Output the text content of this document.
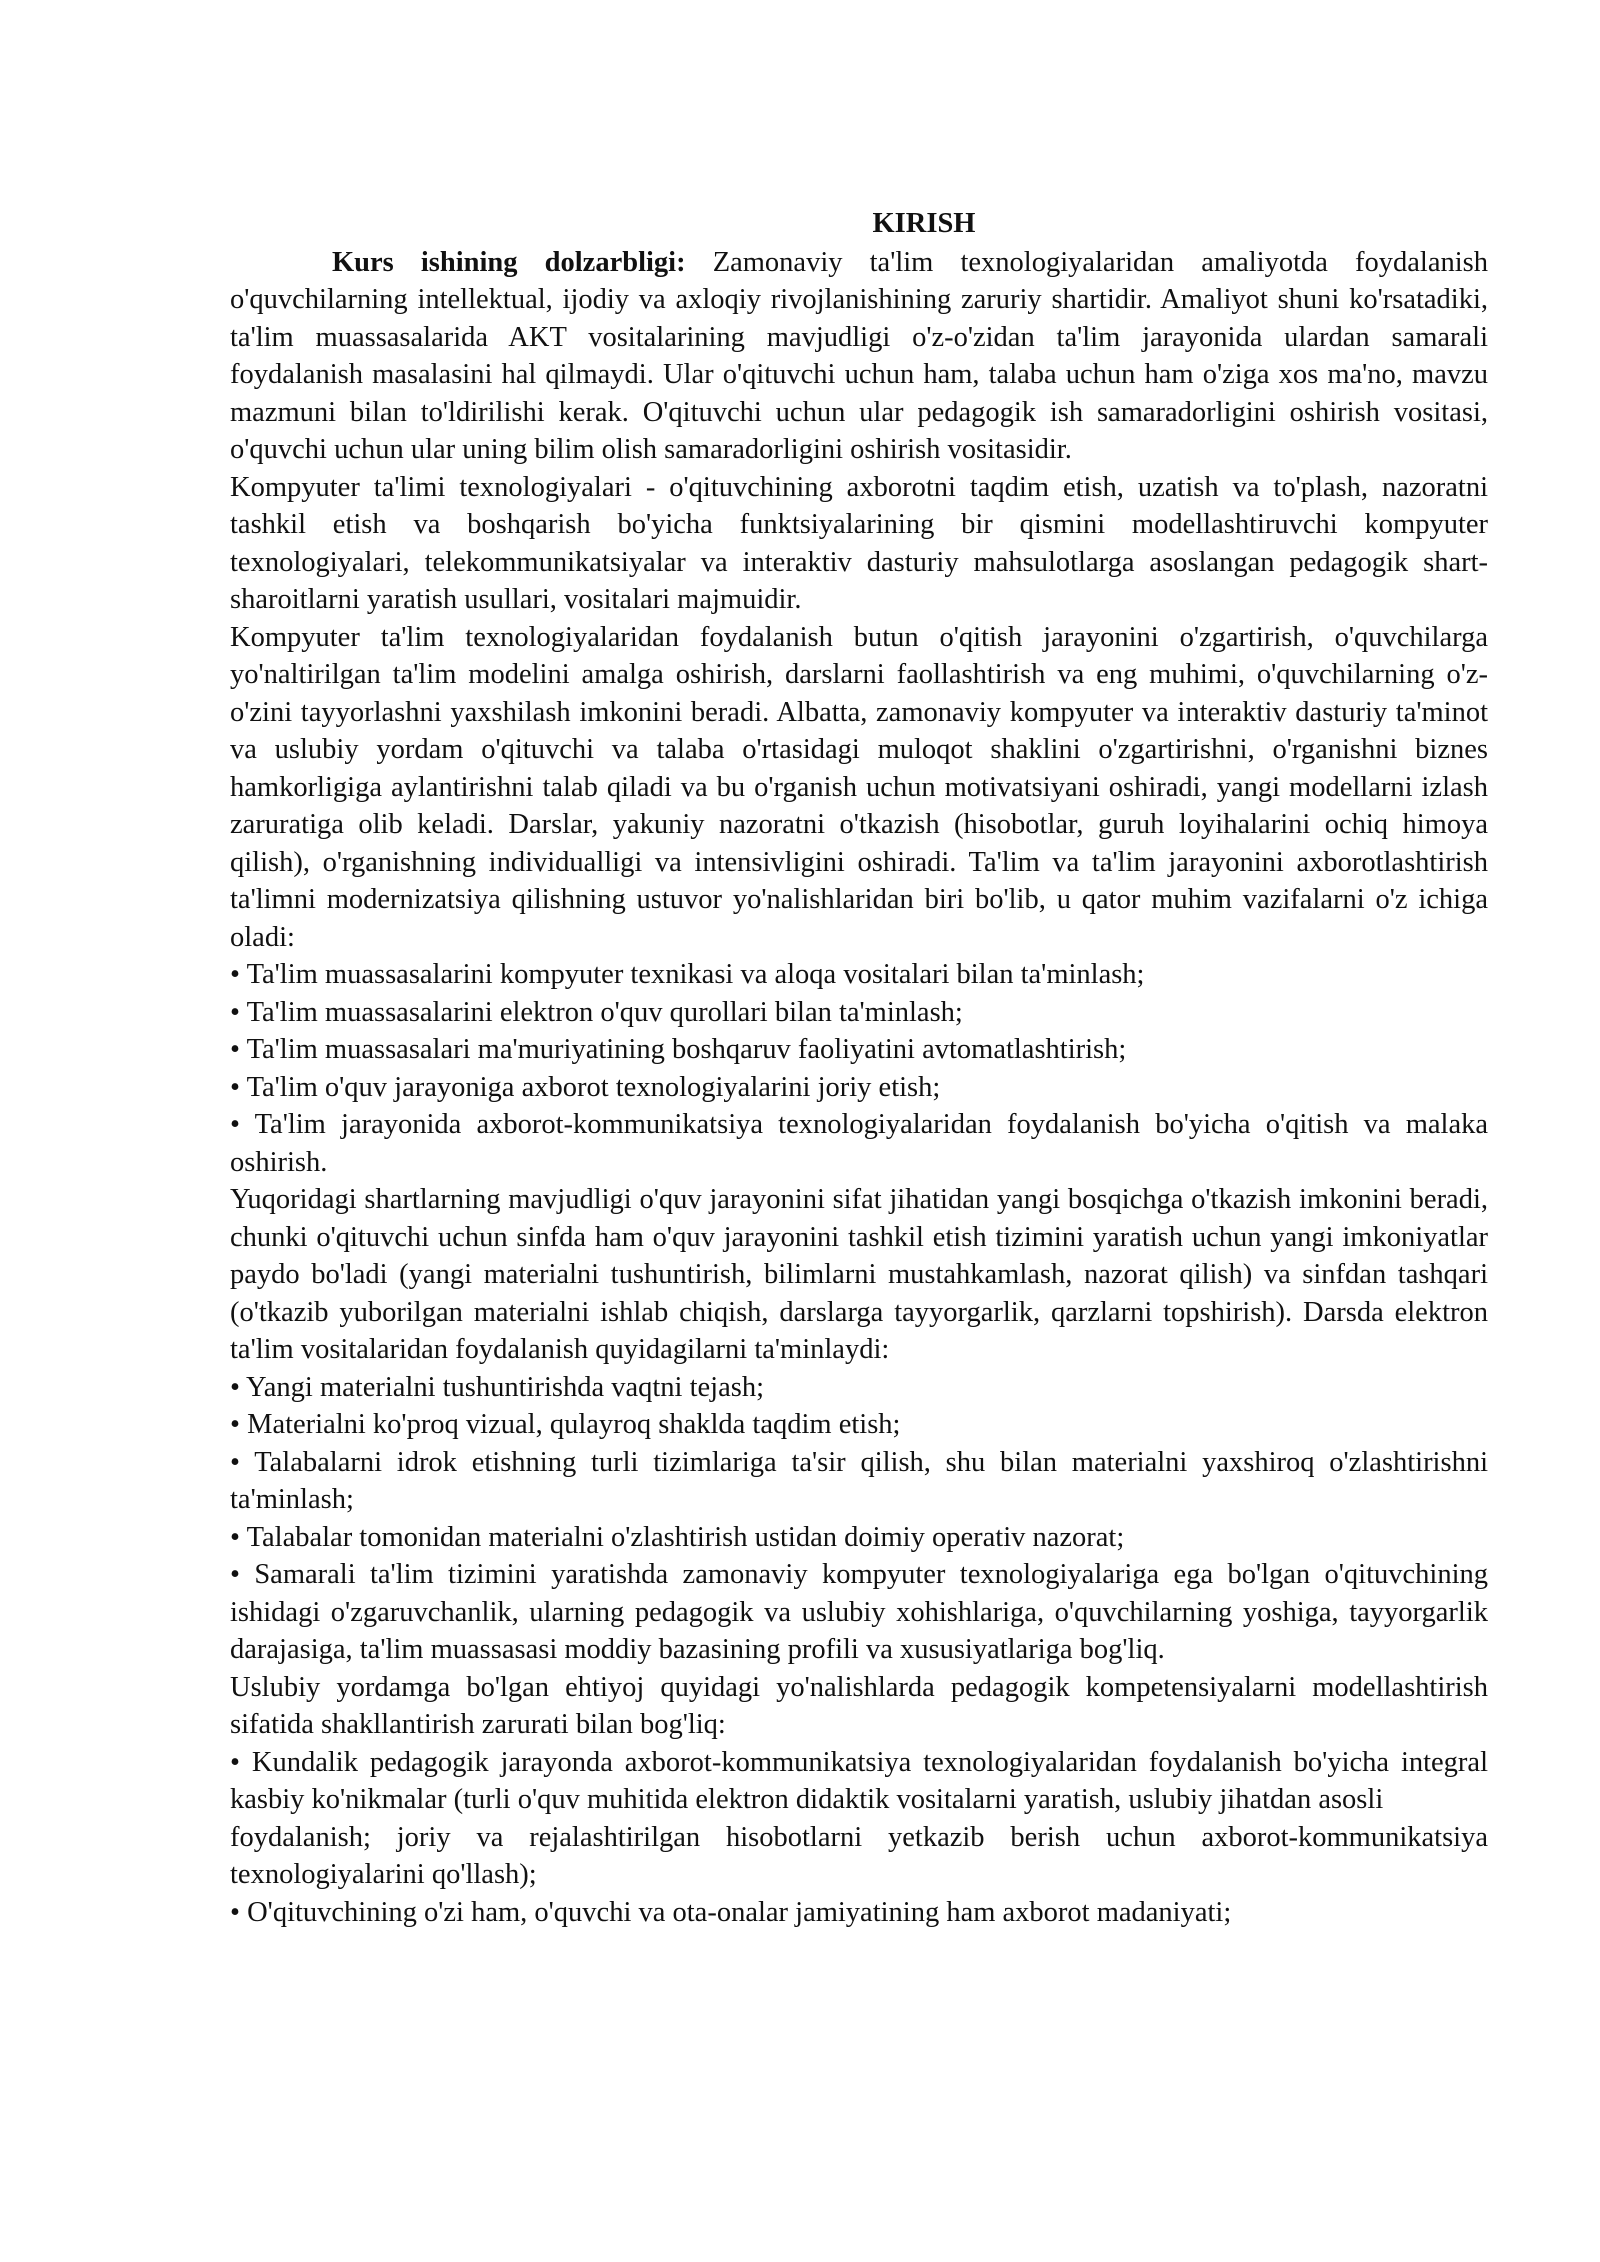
KIRISH

Kurs ishining dolzarbligi: Zamonaviy ta'lim texnologiyalaridan amaliyotda foydalanish o'quvchilarning intellektual, ijodiy va axloqiy rivojlanishining zaruriy shartidir. Amaliyot shuni ko'rsatadiki, ta'lim muassasalarida AKT vositalarining mavjudligi o'z-o'zidan ta'lim jarayonida ulardan samarali foydalanish masalasini hal qilmaydi. Ular o'qituvchi uchun ham, talaba uchun ham o'ziga xos ma'no, mavzu mazmuni bilan to'ldirilishi kerak. O'qituvchi uchun ular pedagogik ish samaradorligini oshirish vositasi, o'quvchi uchun ular uning bilim olish samaradorligini oshirish vositasidir.

Kompyuter ta'limi texnologiyalari - o'qituvchining axborotni taqdim etish, uzatish va to'plash, nazoratni tashkil etish va boshqarish bo'yicha funktsiyalarining bir qismini modellashtiruvchi kompyuter texnologiyalari, telekommunikatsiyalar va interaktiv dasturiy mahsulotlarga asoslangan pedagogik shart-sharoitlarni yaratish usullari, vositalari majmuidir.

Kompyuter ta'lim texnologiyalaridan foydalanish butun o'qitish jarayonini o'zgartirish, o'quvchilarga yo'naltirilgan ta'lim modelini amalga oshirish, darslarni faollashtirish va eng muhimi, o'quvchilarning o'z-o'zini tayyorlashni yaxshilash imkonini beradi. Albatta, zamonaviy kompyuter va interaktiv dasturiy ta'minot va uslubiy yordam o'qituvchi va talaba o'rtasidagi muloqot shaklini o'zgartirishni, o'rganishni biznes hamkorligiga aylantirishni talab qiladi va bu o'rganish uchun motivatsiyani oshiradi, yangi modellarni izlash zaruratiga olib keladi. Darslar, yakuniy nazoratni o'tkazish (hisobotlar, guruh loyihalarini ochiq himoya qilish), o'rganishning individualligi va intensivligini oshiradi. Ta'lim va ta'lim jarayonini axborotlashtirish ta'limni modernizatsiya qilishning ustuvor yo'nalishlaridan biri bo'lib, u qator muhim vazifalarni o'z ichiga oladi:

• Ta'lim muassasalarini kompyuter texnikasi va aloqa vositalari bilan ta'minlash;

• Ta'lim muassasalarini elektron o'quv qurollari bilan ta'minlash;

• Ta'lim muassasalari ma'muriyatining boshqaruv faoliyatini avtomatlashtirish;

• Ta'lim o'quv jarayoniga axborot texnologiyalarini joriy etish;

• Ta'lim jarayonida axborot-kommunikatsiya texnologiyalaridan foydalanish bo'yicha o'qitish va malaka oshirish.

Yuqoridagi shartlarning mavjudligi o'quv jarayonini sifat jihatidan yangi bosqichga o'tkazish imkonini beradi, chunki o'qituvchi uchun sinfda ham o'quv jarayonini tashkil etish tizimini yaratish uchun yangi imkoniyatlar paydo bo'ladi (yangi materialni tushuntirish, bilimlarni mustahkamlash, nazorat qilish) va sinfdan tashqari (o'tkazib yuborilgan materialni ishlab chiqish, darslarga tayyorgarlik, qarzlarni topshirish). Darsda elektron ta'lim vositalaridan foydalanish quyidagilarni ta'minlaydi:

• Yangi materialni tushuntirishda vaqtni tejash;

• Materialni ko'proq vizual, qulayroq shaklda taqdim etish;

• Talabalarni idrok etishning turli tizimlariga ta'sir qilish, shu bilan materialni yaxshiroq o'zlashtirishni ta'minlash;

• Talabalar tomonidan materialni o'zlashtirish ustidan doimiy operativ nazorat;

• Samarali ta'lim tizimini yaratishda zamonaviy kompyuter texnologiyalariga ega bo'lgan o'qituvchining ishidagi o'zgaruvchanlik, ularning pedagogik va uslubiy xohishlariga, o'quvchilarning yoshiga, tayyorgarlik darajasiga, ta'lim muassasasi moddiy bazasining profili va xususiyatlariga bog'liq.

Uslubiy yordamga bo'lgan ehtiyoj quyidagi yo'nalishlarda pedagogik kompetensiyalarni modellashtirish sifatida shakllantirish zarurati bilan bog'liq:

• Kundalik pedagogik jarayonda axborot-kommunikatsiya texnologiyalaridan foydalanish bo'yicha integral kasbiy ko'nikmalar (turli o'quv muhitida elektron didaktik vositalarni yaratish, uslubiy jihatdan asosli

foydalanish; joriy va rejalashtirilgan hisobotlarni yetkazib berish uchun axborot-kommunikatsiya texnologiyalarini qo'llash);

• O'qituvchining o'zi ham, o'quvchi va ota-onalar jamiyatining ham axborot madaniyati;
